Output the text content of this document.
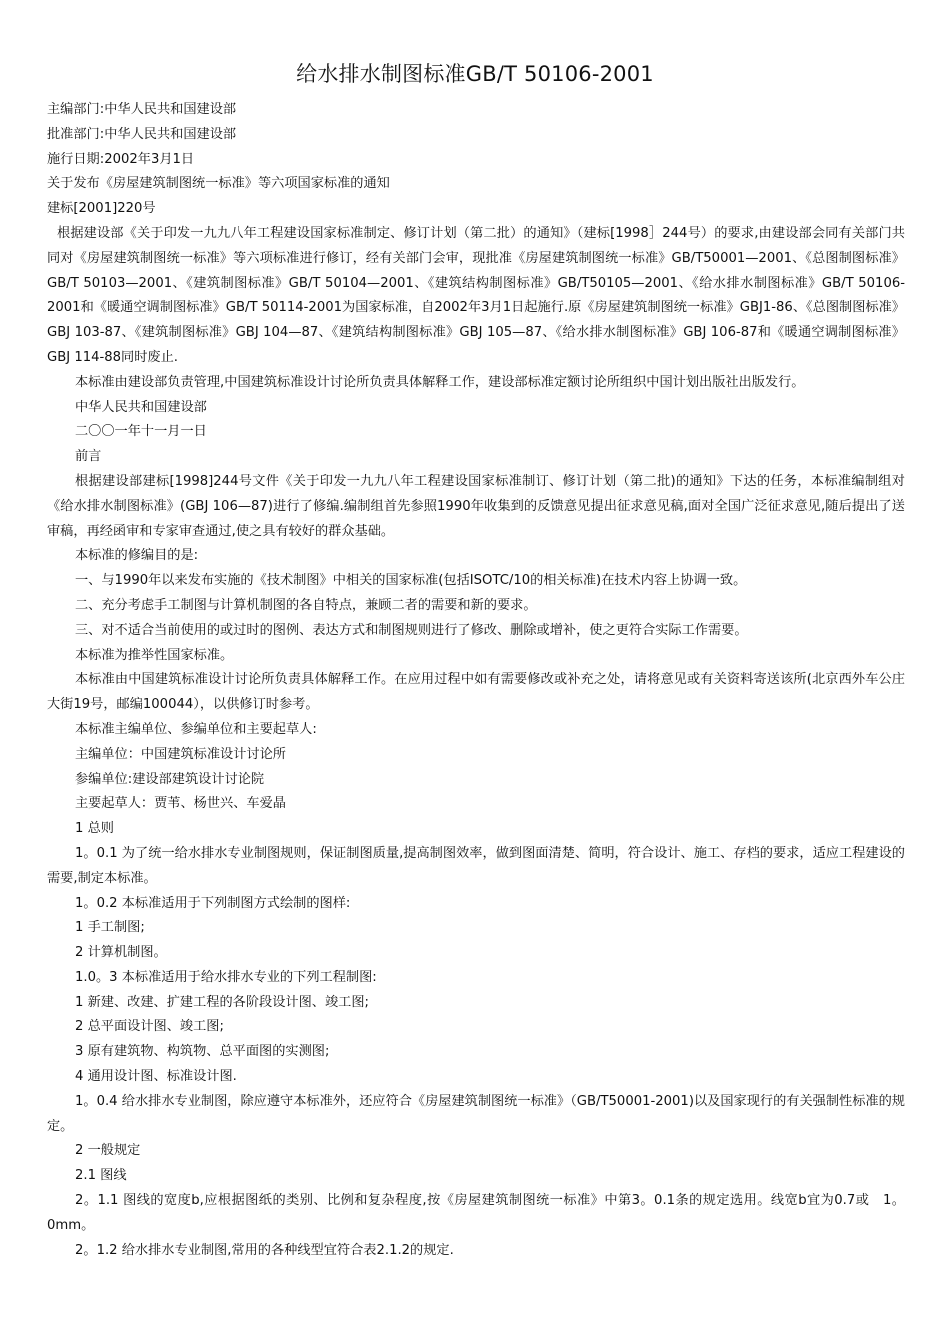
给水排水制图标准GB/T 50106-2001

主编部门:中华人民共和国建设部

批准部门:中华人民共和国建设部

施行日期:2002年3月1日

关于发布《房屋建筑制图统一标准》等六项国家标准的通知

建标[2001]220号

根据建设部《关于印发一九九八年工程建设国家标准制定、修订计划（第二批）的通知》（建标[1998］244号）的要求,由建设部会同有关部门共同对《房屋建筑制图统一标准》等六项标准进行修订，经有关部门会审，现批准《房屋建筑制图统一标准》GB/T50001—2001、《总图制图标准》GB/T 50103—2001、《建筑制图标准》GB/T 50104—2001、《建筑结构制图标准》GB/T50105—2001、《给水排水制图标准》GB/T 50106-2001和《暖通空调制图标准》GB/T 50114-2001为国家标准，自2002年3月1日起施行.原《房屋建筑制图统一标准》GBJ1-86、《总图制图标准》GBJ 103-87、《建筑制图标准》GBJ 104—87、《建筑结构制图标准》GBJ 105—87、《给水排水制图标准》GBJ 106-87和《暖通空调制图标准》GBJ 114-88同时废止.

本标准由建设部负责管理,中国建筑标准设计讨论所负责具体解释工作，建设部标准定额讨论所组织中国计划出版社出版发行。

中华人民共和国建设部

二〇〇一年十一月一日

前言

根据建设部建标[1998]244号文件《关于印发一九九八年工程建设国家标准制订、修订计划（第二批)的通知》下达的任务，本标准编制组对《给水排水制图标准》(GBJ 106—87)进行了修编.编制组首先参照1990年收集到的反馈意见提出征求意见稿,面对全国广泛征求意见,随后提出了送审稿，再经函审和专家审查通过,使之具有较好的群众基础。

本标准的修编目的是:

一、与1990年以来发布实施的《技术制图》中相关的国家标准(包括ISOTC/10的相关标准)在技术内容上协调一致。

二、充分考虑手工制图与计算机制图的各自特点，兼顾二者的需要和新的要求。

三、对不适合当前使用的或过时的图例、表达方式和制图规则进行了修改、删除或增补，使之更符合实际工作需要。

本标准为推举性国家标准。

本标准由中国建筑标准设计讨论所负责具体解释工作。在应用过程中如有需要修改或补充之处，请将意见或有关资料寄送该所(北京西外车公庄大街19号，邮编100044），以供修订时参考。

本标准主编单位、参编单位和主要起草人:

主编单位：中国建筑标准设计讨论所

参编单位:建设部建筑设计讨论院

主要起草人：贾苇、杨世兴、车爱晶

1 总则

1。0.1 为了统一给水排水专业制图规则，保证制图质量,提高制图效率，做到图面清楚、简明，符合设计、施工、存档的要求，适应工程建设的需要,制定本标准。

1。0.2 本标准适用于下列制图方式绘制的图样:

1 手工制图;

2 计算机制图。

1.0。3 本标准适用于给水排水专业的下列工程制图:

1 新建、改建、扩建工程的各阶段设计图、竣工图;

2 总平面设计图、竣工图;

3 原有建筑物、构筑物、总平面图的实测图;

4 通用设计图、标准设计图.

1。0.4 给水排水专业制图，除应遵守本标准外，还应符合《房屋建筑制图统一标准》（GB/T50001-2001)以及国家现行的有关强制性标准的规定。

2 一般规定

2.1 图线

2。1.1 图线的宽度b,应根据图纸的类别、比例和复杂程度,按《房屋建筑制图统一标准》中第3。0.1条的规定选用。线宽b宜为0.7或　1。0mm。

2。1.2 给水排水专业制图,常用的各种线型宜符合表2.1.2的规定.
